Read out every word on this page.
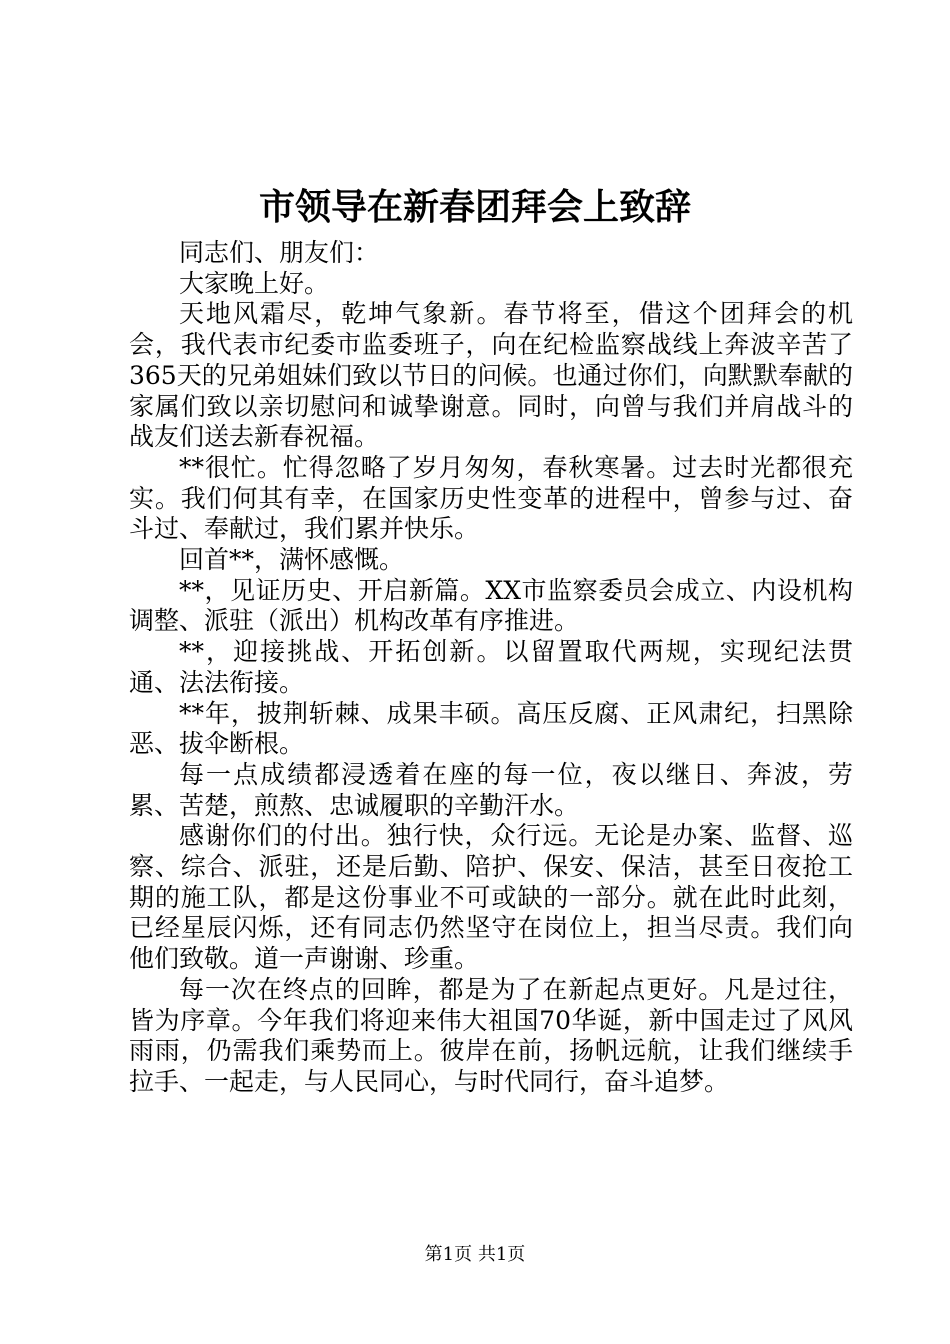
市领导在新春团拜会上致辞

同志们、朋友们：

大家晚上好。

天地风霜尽，乾坤气象新。春节将至，借这个团拜会的机会，我代表市纪委市监委班子，向在纪检监察战线上奔波辛苦了365天的兄弟姐妹们致以节日的问候。也通过你们，向默默奉献的家属们致以亲切慰问和诚挚谢意。同时，向曾与我们并肩战斗的战友们送去新春祝福。

**很忙。忙得忽略了岁月匆匆，春秋寒暑。过去时光都很充实。我们何其有幸，在国家历史性变革的进程中，曾参与过、奋斗过、奉献过，我们累并快乐。

回首**，满怀感慨。

**，见证历史、开启新篇。XX市监察委员会成立、内设机构调整、派驻（派出）机构改革有序推进。

**，迎接挑战、开拓创新。以留置取代两规，实现纪法贯通、法法衔接。

**年，披荆斩棘、成果丰硕。高压反腐、正风肃纪，扫黑除恶、拔伞断根。

每一点成绩都浸透着在座的每一位，夜以继日、奔波，劳累、苦楚，煎熬、忠诚履职的辛勤汗水。

感谢你们的付出。独行快，众行远。无论是办案、监督、巡察、综合、派驻，还是后勤、陪护、保安、保洁，甚至日夜抢工期的施工队，都是这份事业不可或缺的一部分。就在此时此刻，已经星辰闪烁，还有同志仍然坚守在岗位上，担当尽责。我们向他们致敬。道一声谢谢、珍重。

每一次在终点的回眸，都是为了在新起点更好。凡是过往，皆为序章。今年我们将迎来伟大祖国70华诞，新中国走过了风风雨雨，仍需我们乘势而上。彼岸在前，扬帆远航，让我们继续手拉手、一起走，与人民同心，与时代同行，奋斗追梦。

第1页 共1页
